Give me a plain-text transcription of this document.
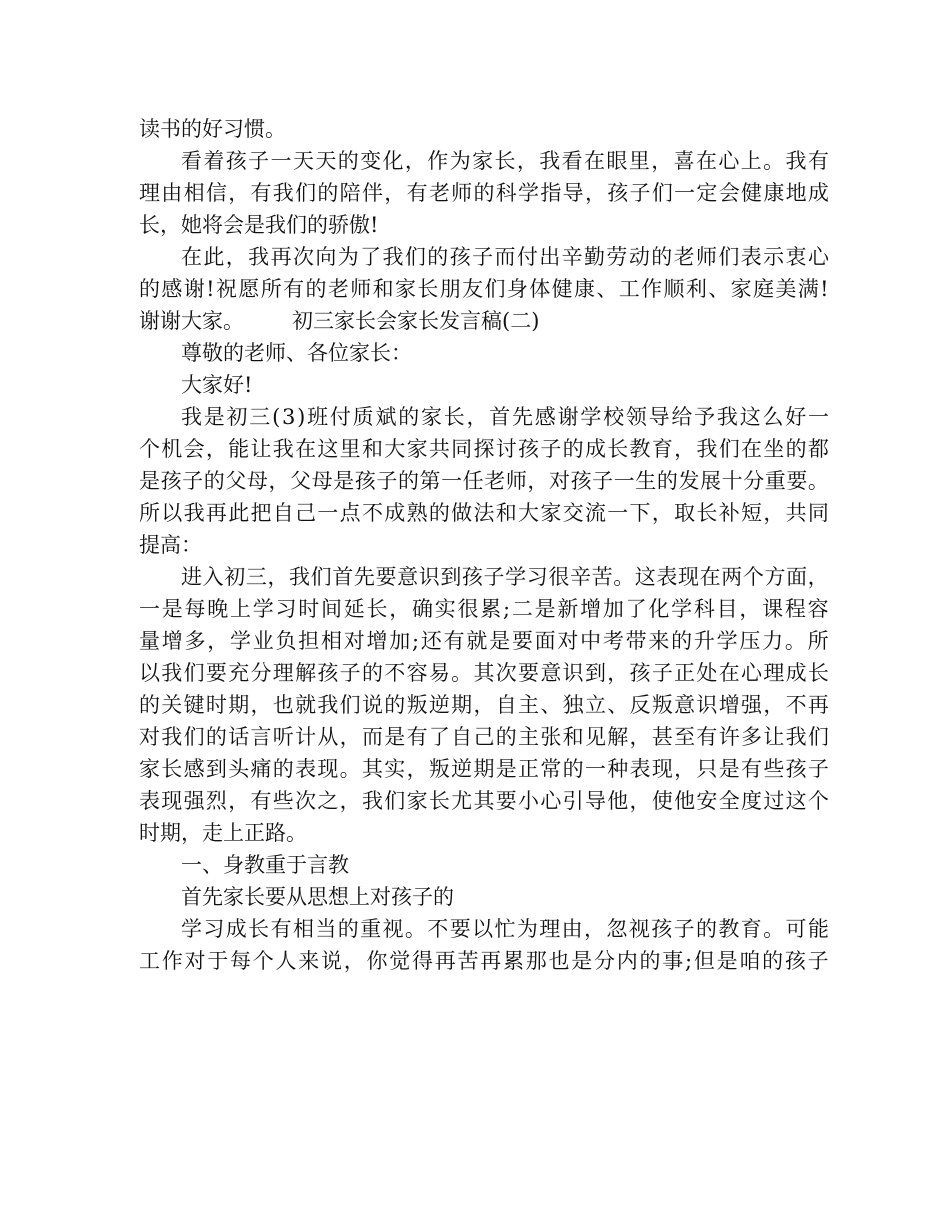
读书的好习惯。
看 着 孩 子 一 天 天 的 变 化 ， 作 为 家 长 ， 我 看 在 眼 里 ， 喜 在 心 上 。 我 有
理 由 相 信 ， 有 我 们 的 陪 伴 ， 有 老 师 的 科 学 指 导 ， 孩 子 们 一 定 会 健 康 地 成
长，她将会是我们的骄傲!
在 此 ， 我 再 次 向 为 了 我 们 的 孩 子 而 付 出 辛 勤 劳 动 的 老 师 们 表 示 衷 心
的 感 谢 ! 祝 愿 所 有 的 老 师 和 家 长 朋 友 们 身 体 健 康 、 工 作 顺 利 、 家 庭 美 满 !
谢谢大家。 初三家长会家长发言稿(二)
尊敬的老师、各位家长：
大家好!
我 是 初 三 ( 3 ) 班 付 质 斌 的 家 长 ， 首 先 感 谢 学 校 领 导 给 予 我 这 么 好 一
个 机 会 ， 能 让 我 在 这 里 和 大 家 共 同 探 讨 孩 子 的 成 长 教 育 ， 我 们 在 坐 的 都
是 孩 子 的 父 母 ， 父 母 是 孩 子 的 第 一 任 老 师 ， 对 孩 子 一 生 的 发 展 十 分 重 要 。
所 以 我 再 此 把 自 己 一 点 不 成 熟 的 做 法 和 大 家 交 流 一 下 ， 取 长 补 短 ， 共 同
提高：
进 入 初 三 ， 我 们 首 先 要 意 识 到 孩 子 学 习 很 辛 苦 。 这 表 现 在 两 个 方 面 ，
一 是 每 晚 上 学 习 时 间 延 长 ， 确 实 很 累 ; 二 是 新 增 加 了 化 学 科 目 ， 课 程 容
量 增 多 ， 学 业 负 担 相 对 增 加 ; 还 有 就 是 要 面 对 中 考 带 来 的 升 学 压 力 。 所
以 我 们 要 充 分 理 解 孩 子 的 不 容 易 。 其 次 要 意 识 到 ， 孩 子 正 处 在 心 理 成 长
的 关 键 时 期 ， 也 就 我 们 说 的 叛 逆 期 ， 自 主 、 独 立 、 反 叛 意 识 增 强 ， 不 再
对 我 们 的 话 言 听 计 从 ， 而 是 有 了 自 己 的 主 张 和 见 解 ， 甚 至 有 许 多 让 我 们
家 长 感 到 头 痛 的 表 现 。 其 实 ， 叛 逆 期 是 正 常 的 一 种 表 现 ， 只 是 有 些 孩 子
表 现 强 烈 ， 有 些 次 之 ， 我 们 家 长 尤 其 要 小 心 引 导 他 ， 使 他 安 全 度 过 这 个
时期，走上正路。
一、身教重于言教
首先家长要从思想上对孩子的
学 习 成 长 有 相 当 的 重 视 。 不 要 以 忙 为 理 由 ， 忽 视 孩 子 的 教 育 。 可 能
工 作 对 于 每 个 人 来 说 ， 你 觉 得 再 苦 再 累 那 也 是 分 内 的 事 ; 但 是 咱 的 孩 子
